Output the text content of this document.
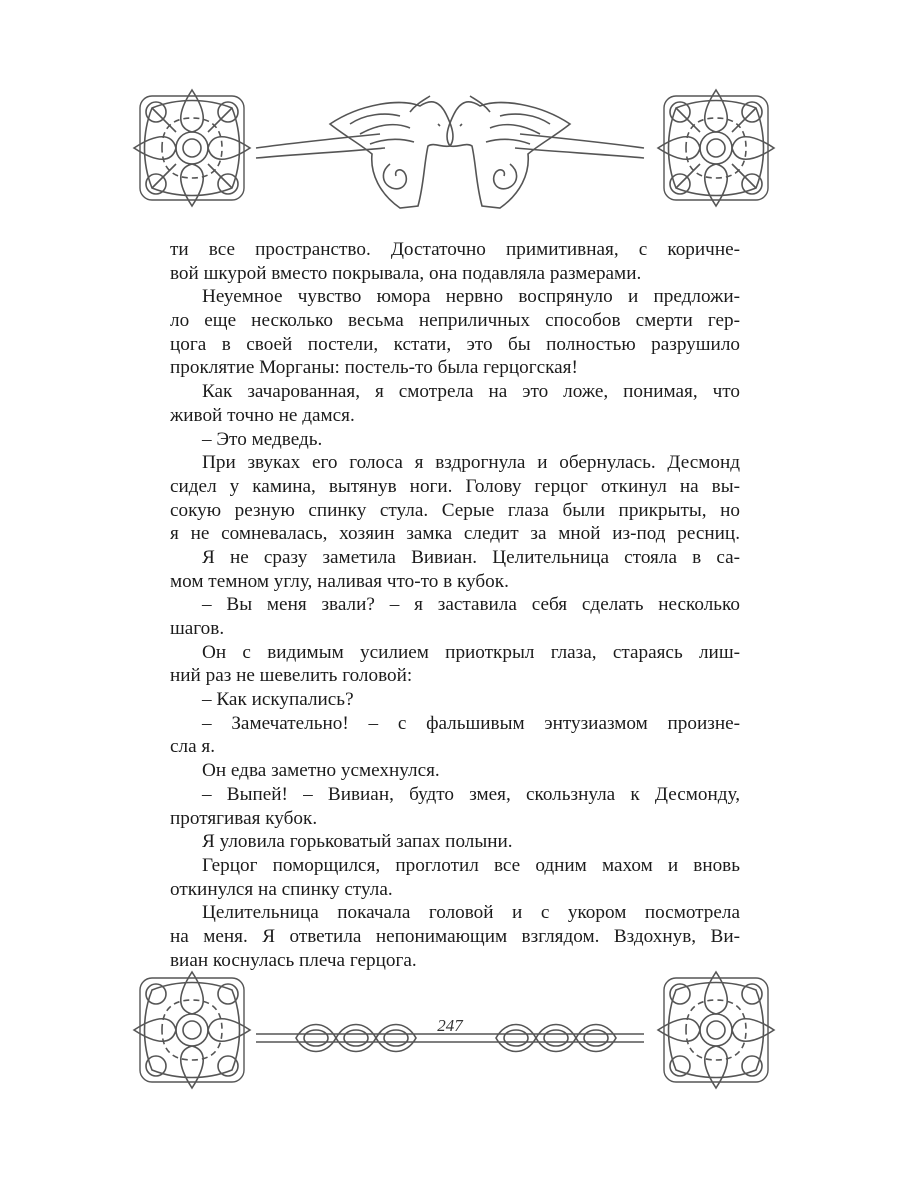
ти все пространство. Достаточно примитивная, с коричне-
вой шкурой вместо покрывала, она подавляла размерами.
Неуемное чувство юмора нервно воспрянуло и предложи-
ло еще несколько весьма неприличных способов смерти гер-
цога в своей постели, кстати, это бы полностью разрушило
проклятие Морганы: постель-то была герцогская!
Как зачарованная, я смотрела на это ложе, понимая, что
живой точно не дамся.
– Это медведь.
При звуках его голоса я вздрогнула и обернулась. Десмонд
сидел у камина, вытянув ноги. Голову герцог откинул на вы-
сокую резную спинку стула. Серые глаза были прикрыты, но
я не сомневалась, хозяин замка следит за мной из-под ресниц.
Я не сразу заметила Вивиан. Целительница стояла в са-
мом темном углу, наливая что-то в кубок.
– Вы меня звали? – я заставила себя сделать несколько
шагов.
Он с видимым усилием приоткрыл глаза, стараясь лиш-
ний раз не шевелить головой:
– Как искупались?
– Замечательно! – с фальшивым энтузиазмом произне-
сла я.
Он едва заметно усмехнулся.
– Выпей! – Вивиан, будто змея, скользнула к Десмонду,
протягивая кубок.
Я уловила горьковатый запах полыни.
Герцог поморщился, проглотил все одним махом и вновь
откинулся на спинку стула.
Целительница покачала головой и с укором посмотрела
на меня. Я ответила непонимающим взглядом. Вздохнув, Ви-
виан коснулась плеча герцога.
247
